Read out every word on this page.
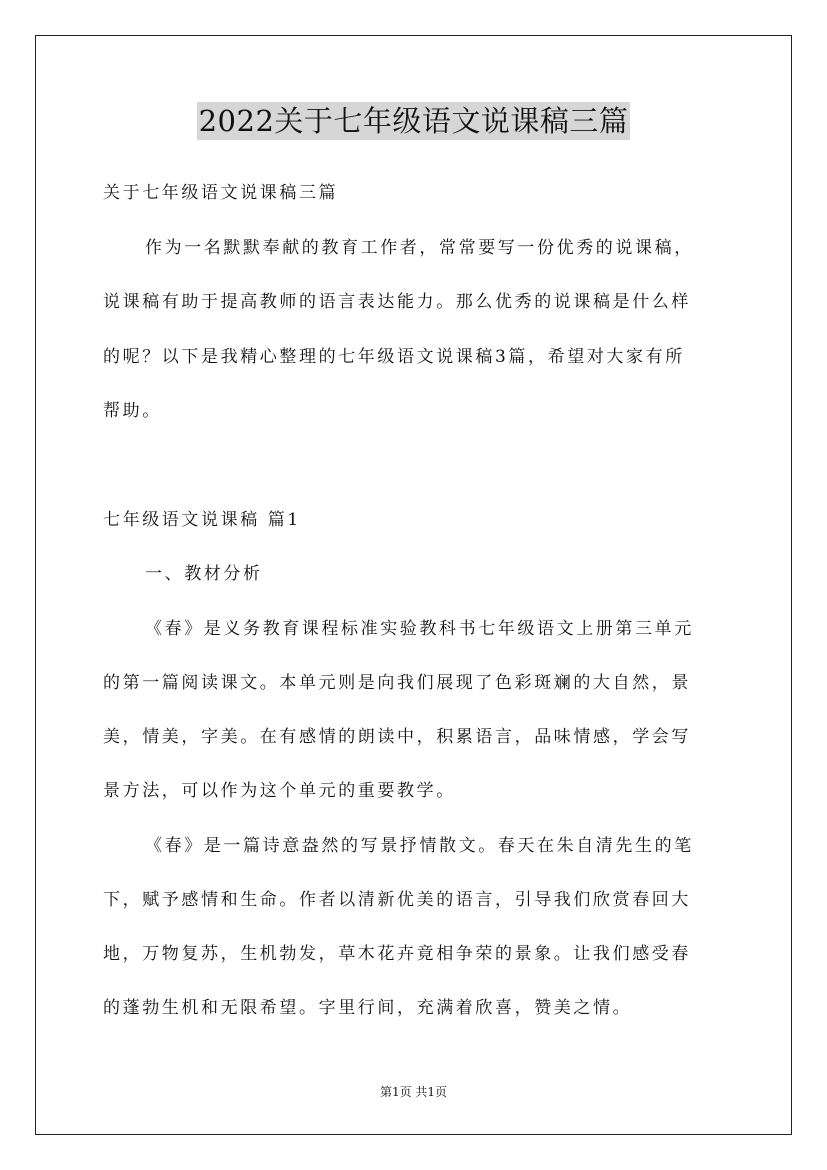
2022关于七年级语文说课稿三篇
关于七年级语文说课稿三篇
作为一名默默奉献的教育工作者，常常要写一份优秀的说课稿，
说课稿有助于提高教师的语言表达能力。那么优秀的说课稿是什么样
的呢？以下是我精心整理的七年级语文说课稿3篇，希望对大家有所
帮助。
七年级语文说课稿 篇1
一、教材分析
《春》是义务教育课程标准实验教科书七年级语文上册第三单元
的第一篇阅读课文。本单元则是向我们展现了色彩斑斓的大自然，景
美，情美，字美。在有感情的朗读中，积累语言，品味情感，学会写
景方法，可以作为这个单元的重要教学。
《春》是一篇诗意盎然的写景抒情散文。春天在朱自清先生的笔
下，赋予感情和生命。作者以清新优美的语言，引导我们欣赏春回大
地，万物复苏，生机勃发，草木花卉竟相争荣的景象。让我们感受春
的蓬勃生机和无限希望。字里行间，充满着欣喜，赞美之情。
第1页 共1页
